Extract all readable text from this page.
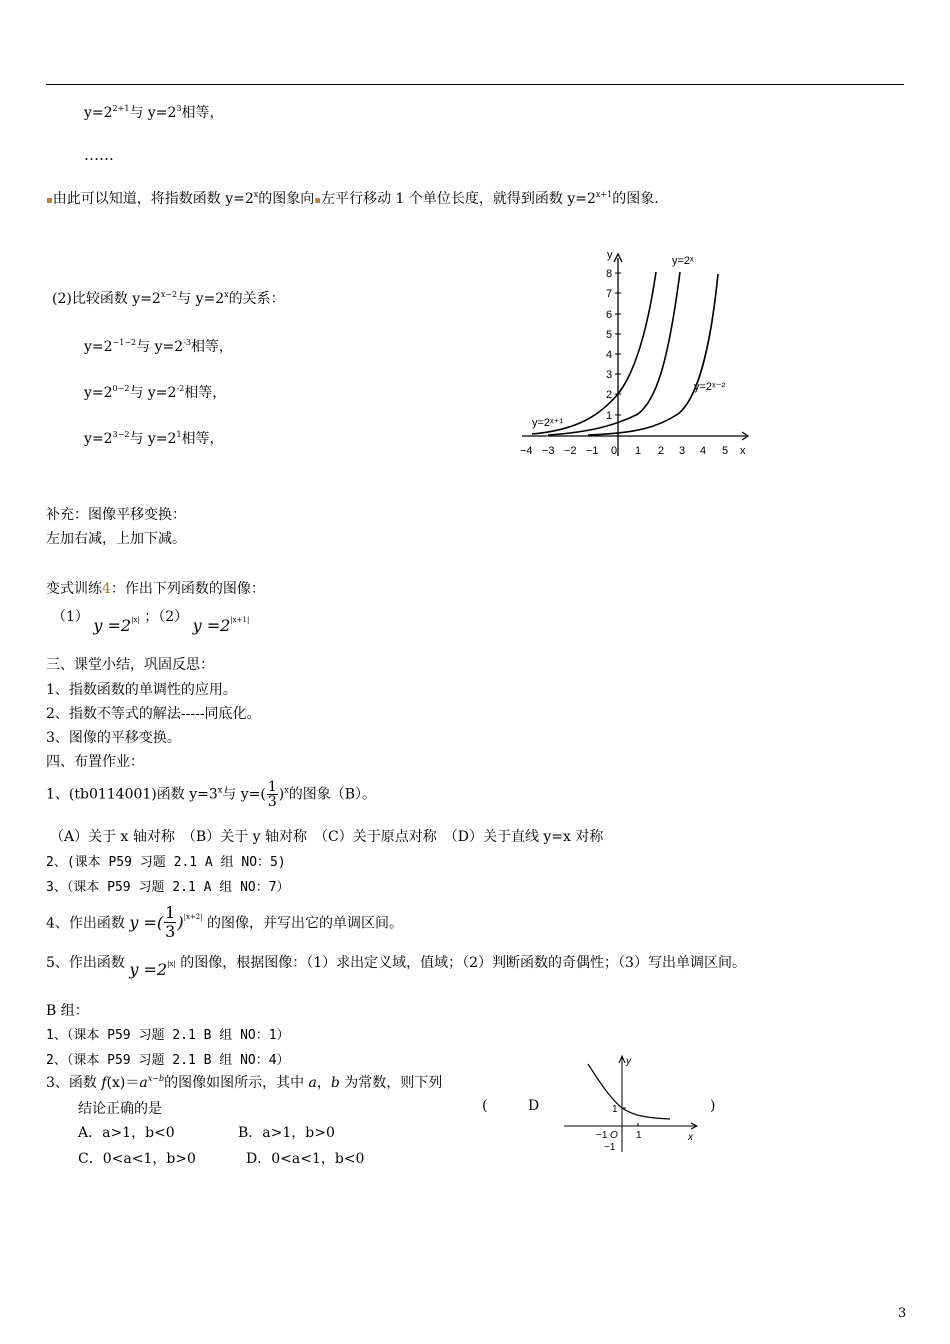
$y=2^{2+1}$与 $y=2^3$相等，
……
▪由此可以知道，将指数函数 $y=2^x$的图象向▪左平行移动 1 个单位长度，就得到函数 $y=2^{x+1}$的图象.
(2)比较函数 $y=2^{x-2}$与 $y=2^x$的关系：
$y=2^{-1-2}$与 $y=2^{-3}$相等，
$y=2^{0-2}$与 $y=2^{-2}$相等，
$y=2^{3-2}$与 $y=2^1$相等，
y
x
1
2
3
4
5
6
7
8
−4 −3 −2 −1 0 1 2 3 4 5
y=2ˣ
y=2ˣ⁻²
y=2ˣ⁺¹
补充：图像平移变换：
左加右减，上加下减。
变式训练4：作出下列函数的图像：
（1） $y =2^{|x|}$ ；（2） $y =2^{|x+1|}$
三、课堂小结，巩固反思：
1、指数函数的单调性的应用。
2、指数不等式的解法-----同底化。
3、图像的平移变换。
四、布置作业：
1、(tb0114001)函数 $y=3^x$与 $y=( \frac{1}{3} )^x$的图象（B）。
（A）关于 x 轴对称　（B）关于 y 轴对称　（C）关于原点对称　（D）关于直线 y=x 对称
2、(课本 P59 习题 2.1 A 组 NO：5)
3、（课本 P59 习题 2.1 A 组 NO：7）
4、作出函数 y =( $\frac{1}{3} )^{|x+2|}$ 的图像，并写出它的单调区间。
5、作出函数 $y =2^{|x|}$ 的图像，根据图像：（1）求出定义域，值域；（2）判断函数的奇偶性；（3）写出单调区间。
B 组：
1、（课本 P59 习题 2.1 B 组 NO：1）
2、（课本 P59 习题 2.1 B 组 NO：4）
3、函数 $f(x)=a^{x-b}$的图像如图所示，其中 a，b 为常数，则下列
结论正确的是	(	D	)
A．a>1，b<0	B．a>1，b>0
C．0<a<1，b>0	D．0<a<1，b<0
y
x
1
−1 O 1
−1
3
